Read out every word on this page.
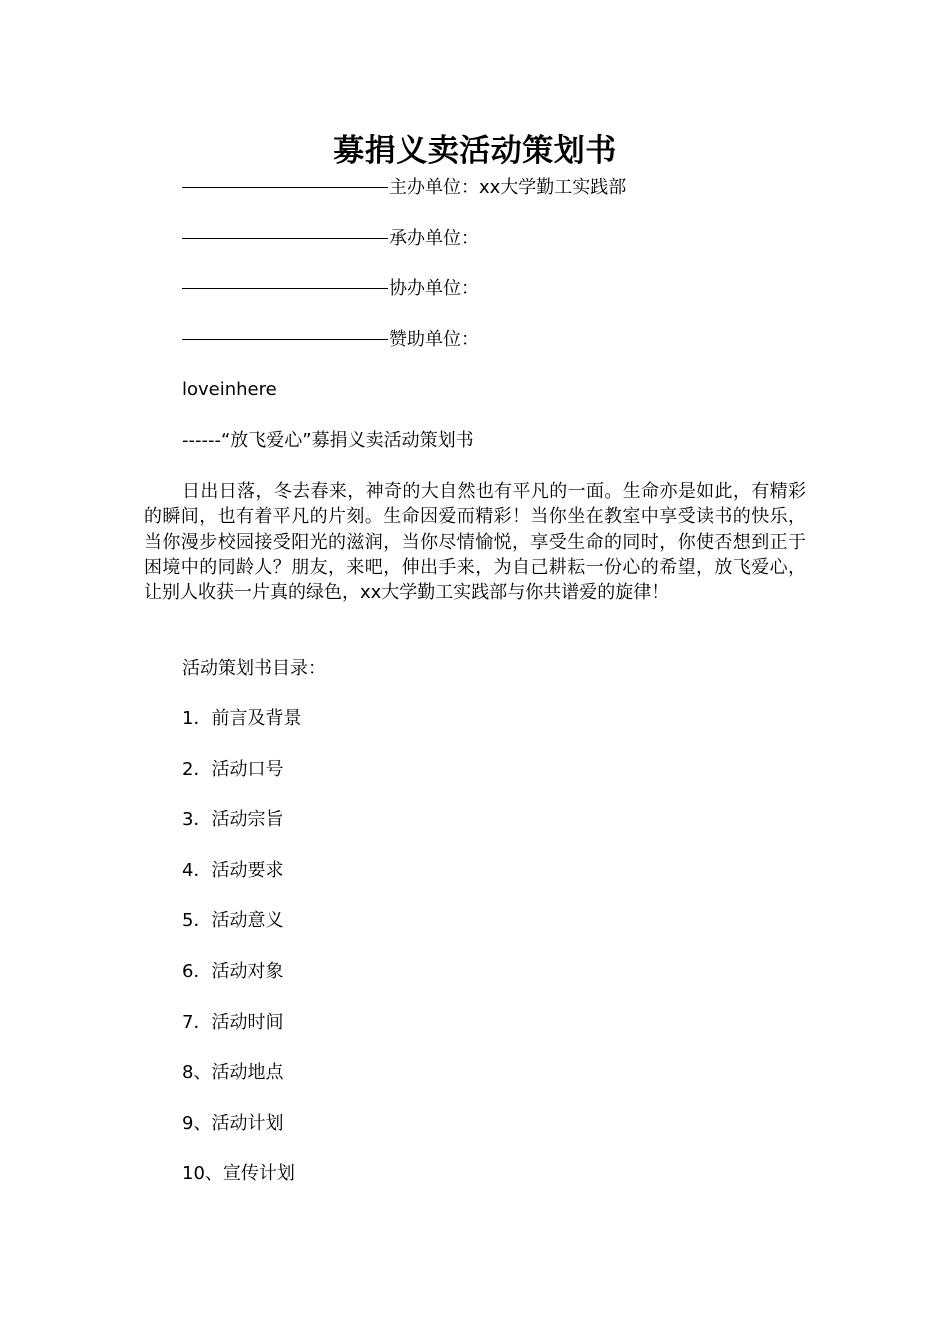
募捐义卖活动策划书
主办单位：xx大学勤工实践部
承办单位：
协办单位：
赞助单位：
loveinhere
------“放飞爱心”募捐义卖活动策划书
日出日落，冬去春来，神奇的大自然也有平凡的一面。生命亦是如此，有精彩的瞬间，也有着平凡的片刻。生命因爱而精彩！当你坐在教室中享受读书的快乐，当你漫步校园接受阳光的滋润，当你尽情愉悦，享受生命的同时，你使否想到正于困境中的同龄人？朋友，来吧，伸出手来，为自己耕耘一份心的希望，放飞爱心，让别人收获一片真的绿色，xx大学勤工实践部与你共谱爱的旋律！
活动策划书目录：
1．前言及背景
2．活动口号
3．活动宗旨
4．活动要求
5．活动意义
6．活动对象
7．活动时间
8、活动地点
9、活动计划
10、宣传计划
